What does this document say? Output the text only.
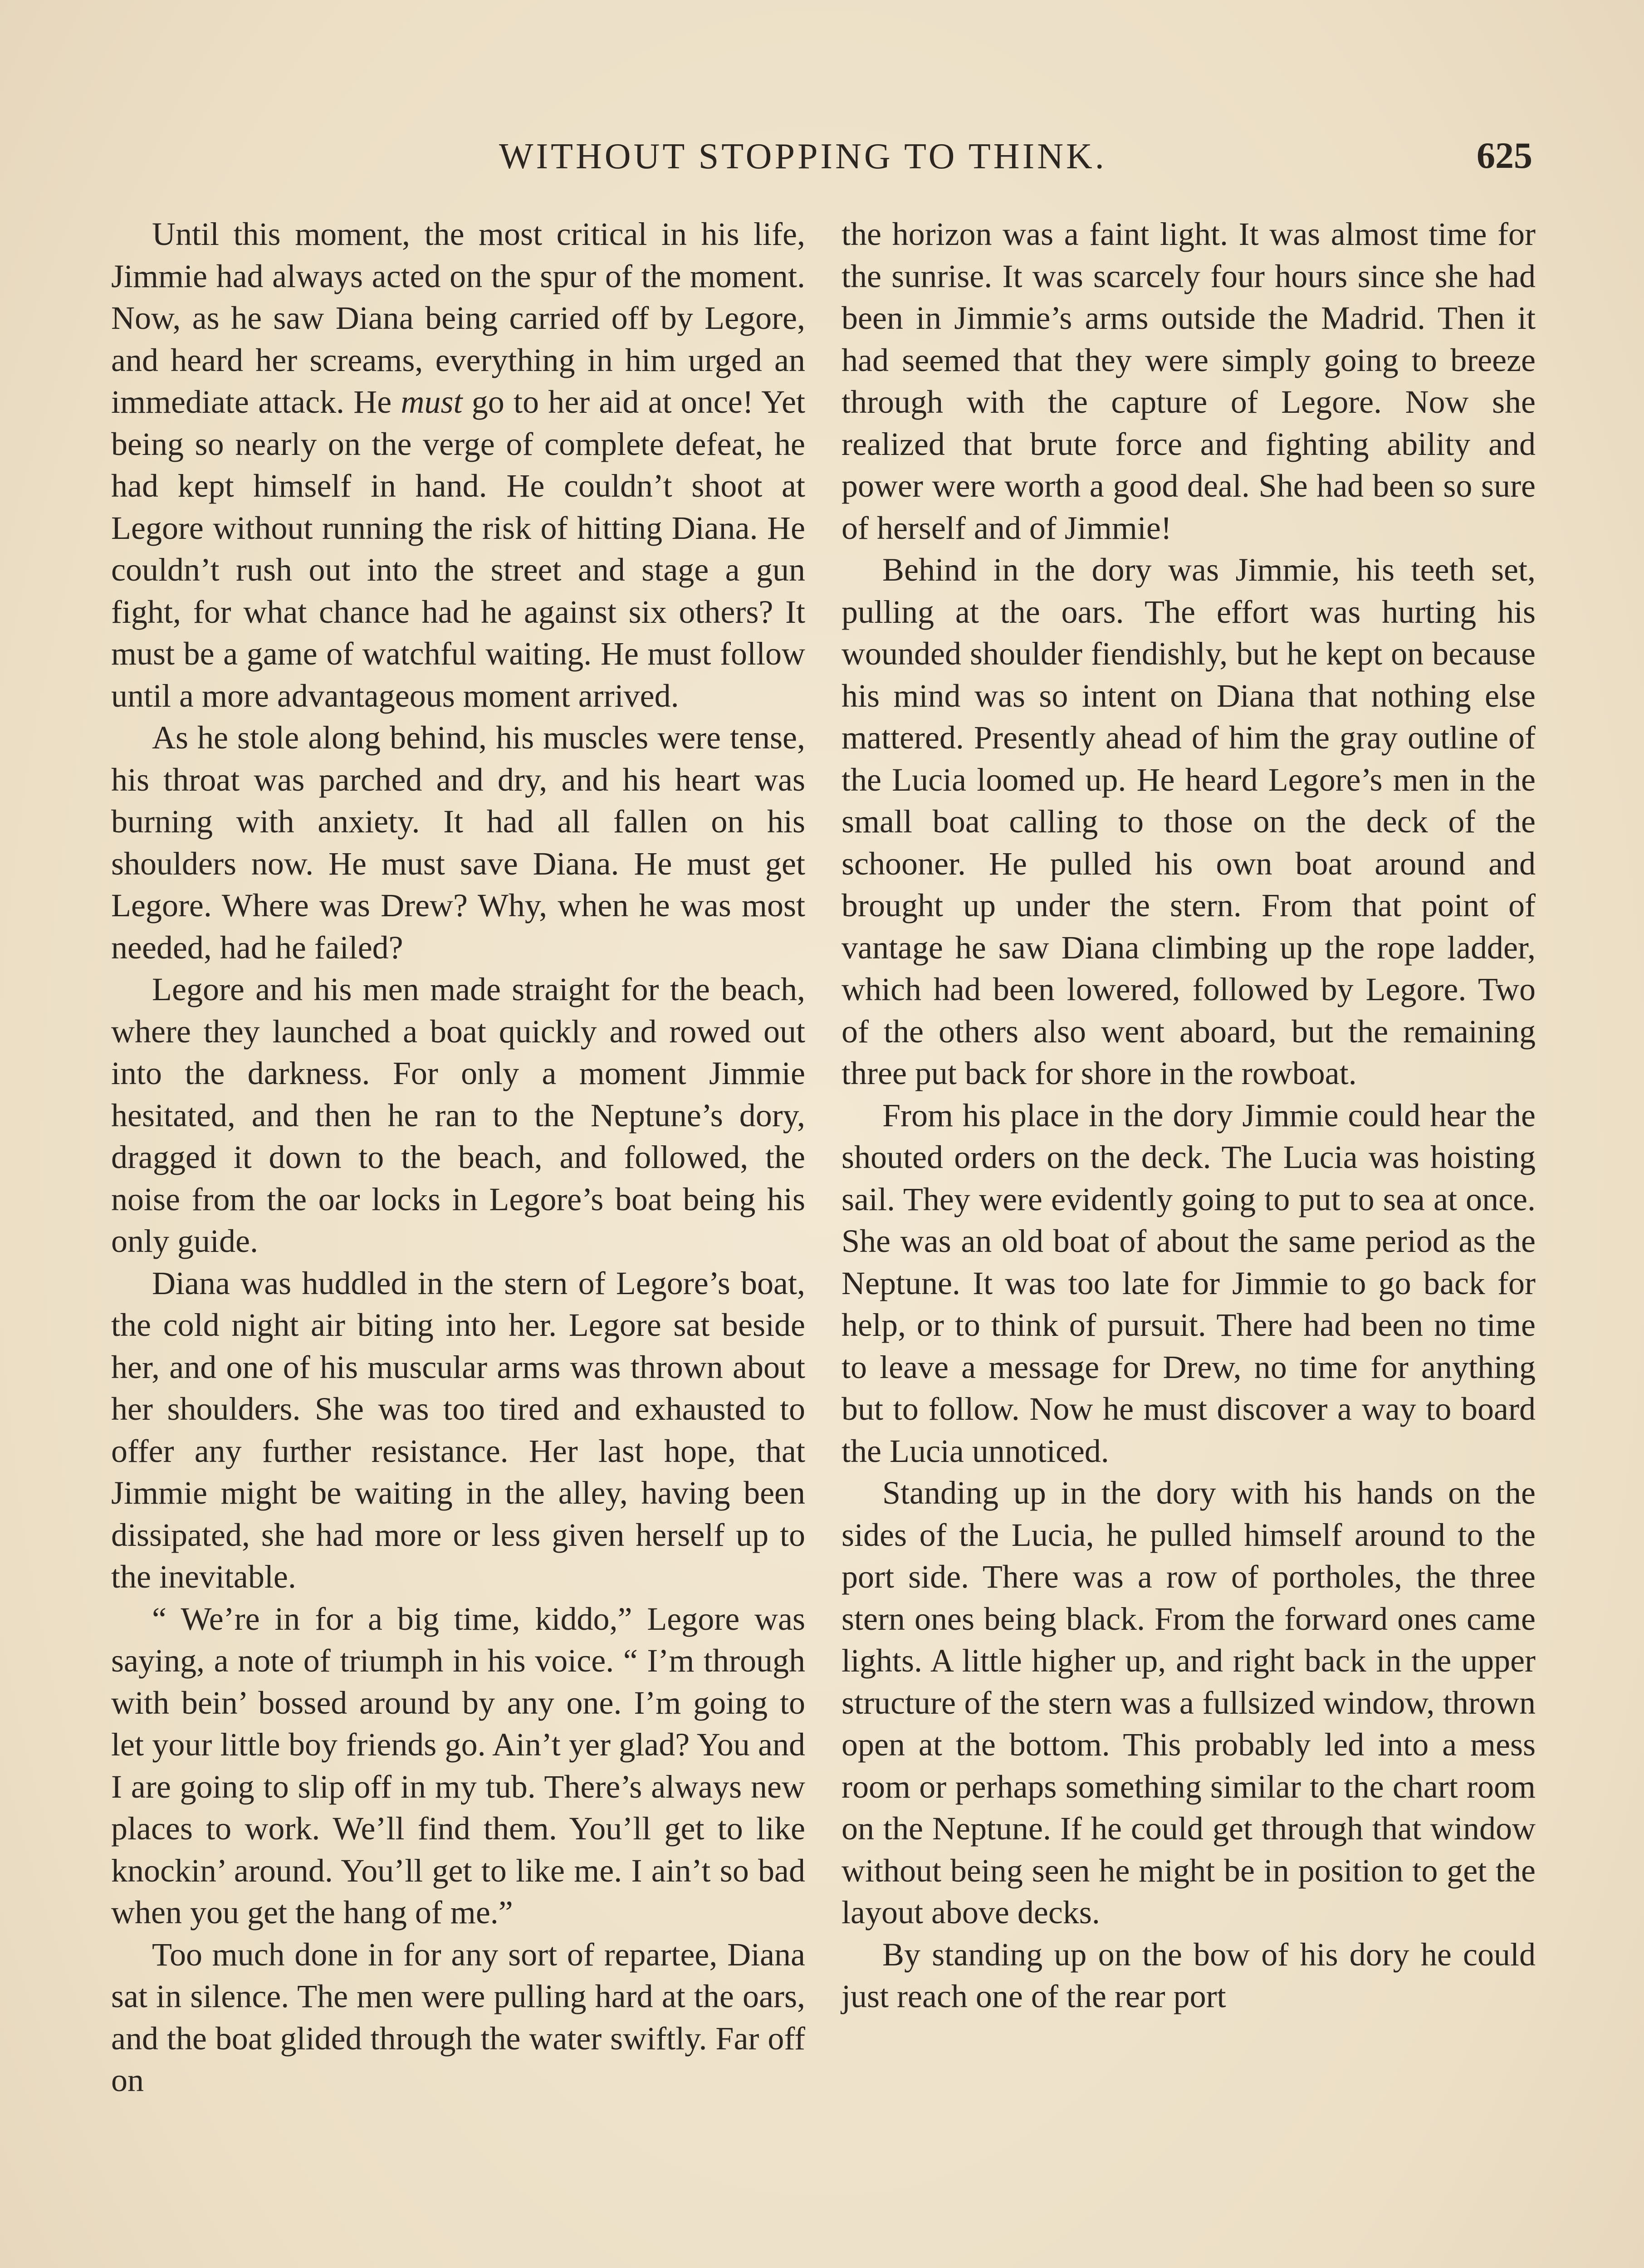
WITHOUT STOPPING TO THINK.	625

Until this moment, the most critical in his life, Jimmie had always acted on the spur of the moment. Now, as he saw Diana being carried off by Legore, and heard her screams, everything in him urged an immediate attack. He must go to her aid at once! Yet being so nearly on the verge of complete defeat, he had kept himself in hand. He couldn’t shoot at Legore without running the risk of hitting Diana. He couldn’t rush out into the street and stage a gun fight, for what chance had he against six others? It must be a game of watchful waiting. He must follow until a more advantageous moment arrived.

As he stole along behind, his muscles were tense, his throat was parched and dry, and his heart was burning with anxiety. It had all fallen on his shoulders now. He must save Diana. He must get Legore. Where was Drew? Why, when he was most needed, had he failed?

Legore and his men made straight for the beach, where they launched a boat quickly and rowed out into the darkness. For only a moment Jimmie hesitated, and then he ran to the Neptune’s dory, dragged it down to the beach, and followed, the noise from the oar locks in Legore’s boat being his only guide.

Diana was huddled in the stern of Legore’s boat, the cold night air biting into her. Legore sat beside her, and one of his muscular arms was thrown about her shoulders. She was too tired and exhausted to offer any further resistance. Her last hope, that Jimmie might be waiting in the alley, having been dissipated, she had more or less given herself up to the inevitable.

“ We’re in for a big time, kiddo,” Legore was saying, a note of triumph in his voice. “ I’m through with bein’ bossed around by any one. I’m going to let your little boy friends go. Ain’t yer glad? You and I are going to slip off in my tub. There’s always new places to work. We’ll find them. You’ll get to like knockin’ around. You’ll get to like me. I ain’t so bad when you get the hang of me.”

Too much done in for any sort of repartee, Diana sat in silence. The men were pulling hard at the oars, and the boat glided through the water swiftly. Far off on

the horizon was a faint light. It was almost time for the sunrise. It was scarcely four hours since she had been in Jimmie’s arms outside the Madrid. Then it had seemed that they were simply going to breeze through with the capture of Legore. Now she realized that brute force and fighting ability and power were worth a good deal. She had been so sure of herself and of Jimmie!

Behind in the dory was Jimmie, his teeth set, pulling at the oars. The effort was hurting his wounded shoulder fiendishly, but he kept on because his mind was so intent on Diana that nothing else mattered. Presently ahead of him the gray outline of the Lucia loomed up. He heard Legore’s men in the small boat calling to those on the deck of the schooner. He pulled his own boat around and brought up under the stern. From that point of vantage he saw Diana climbing up the rope ladder, which had been lowered, followed by Legore. Two of the others also went aboard, but the remaining three put back for shore in the rowboat.

From his place in the dory Jimmie could hear the shouted orders on the deck. The Lucia was hoisting sail. They were evidently going to put to sea at once. She was an old boat of about the same period as the Neptune. It was too late for Jimmie to go back for help, or to think of pursuit. There had been no time to leave a message for Drew, no time for anything but to follow. Now he must discover a way to board the Lucia unnoticed.

Standing up in the dory with his hands on the sides of the Lucia, he pulled himself around to the port side. There was a row of portholes, the three stern ones being black. From the forward ones came lights. A little higher up, and right back in the upper structure of the stern was a fullsized window, thrown open at the bottom. This probably led into a mess room or perhaps something similar to the chart room on the Neptune. If he could get through that window without being seen he might be in position to get the layout above decks.

By standing up on the bow of his dory he could just reach one of the rear port
